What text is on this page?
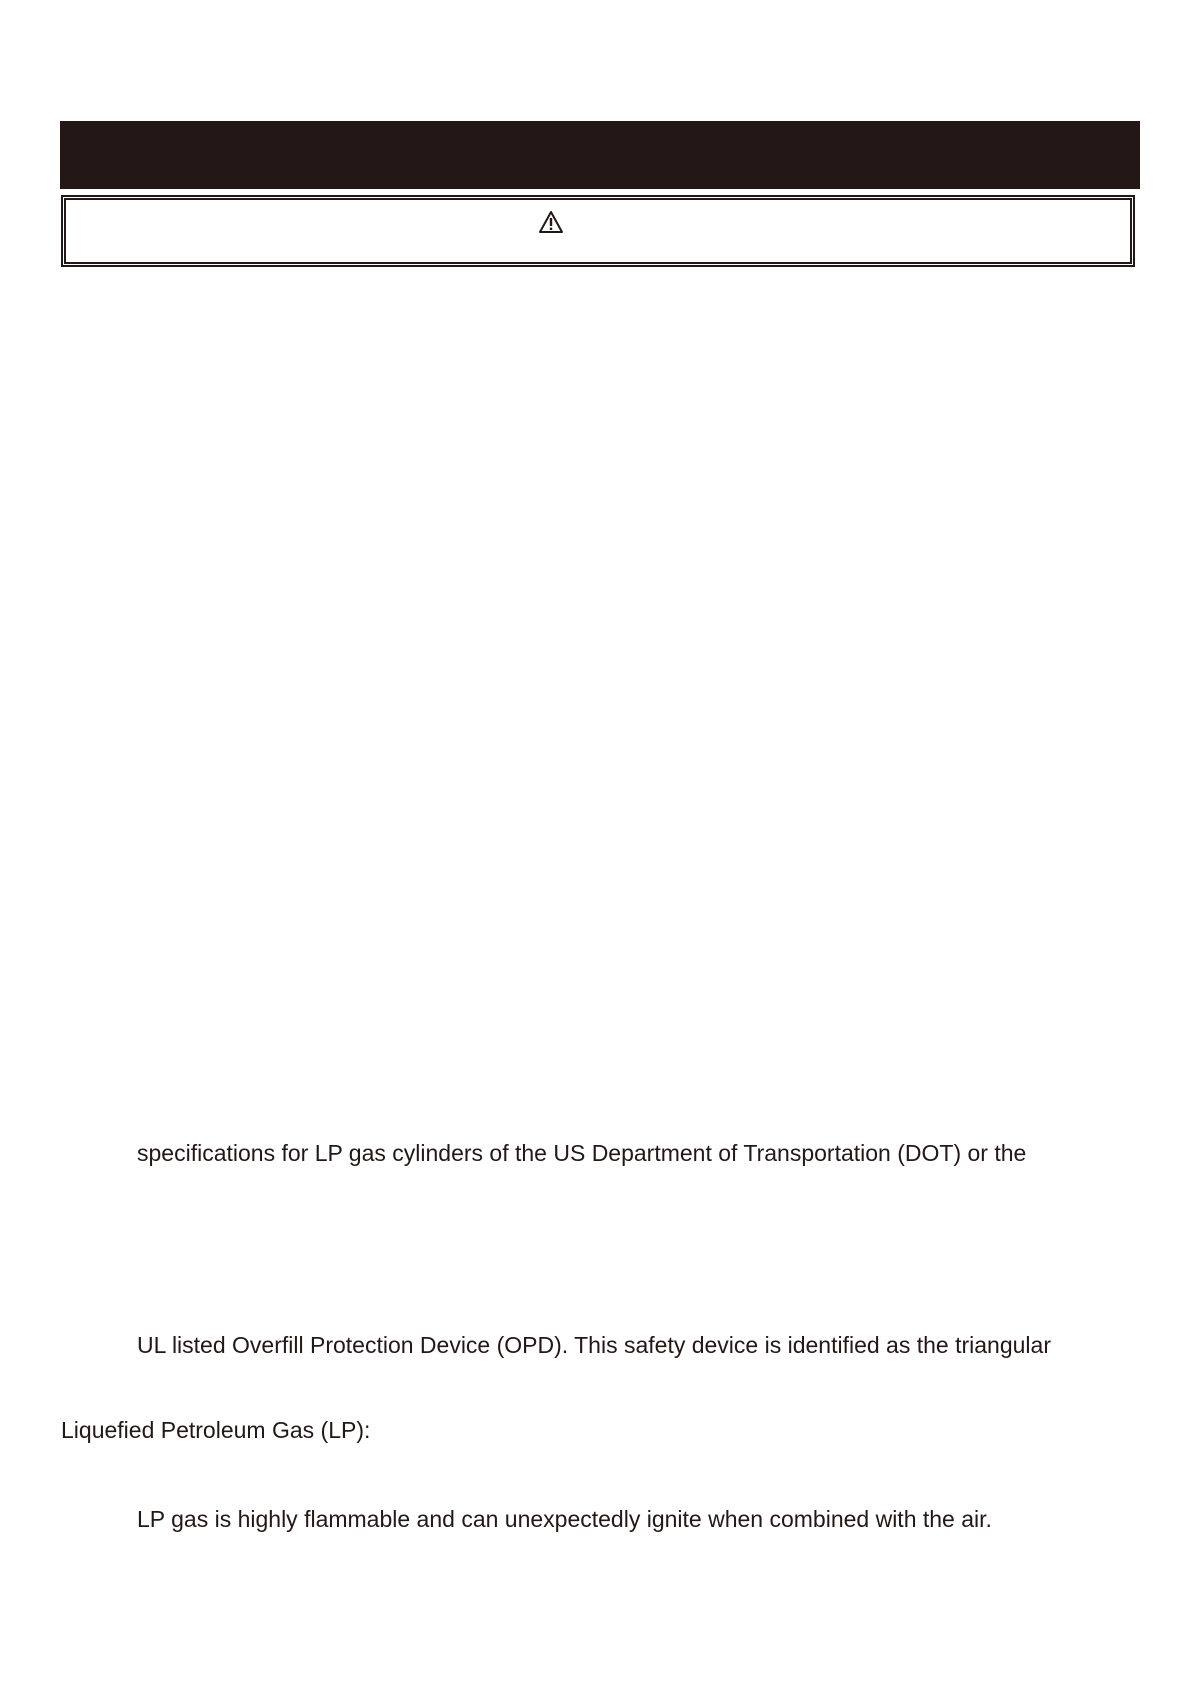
specifications for LP gas cylinders of the US Department of Transportation (DOT) or the
UL listed Overfill Protection Device (OPD). This safety device is identified as the triangular
Liquefied Petroleum Gas (LP):
LP gas is highly flammable and can unexpectedly ignite when combined with the air.
